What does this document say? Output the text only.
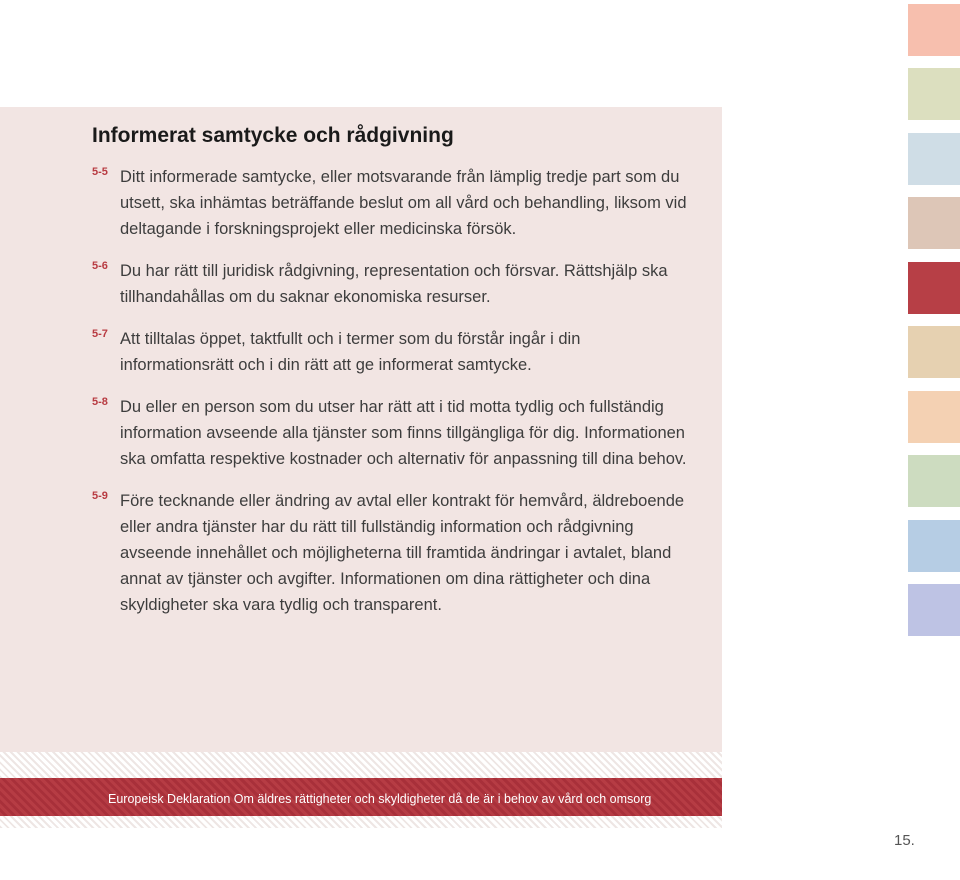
Informerat samtycke och rådgivning
5-5 Ditt informerade samtycke, eller motsvarande från lämplig tredje part som du utsett, ska inhämtas beträffande beslut om all vård och behandling, liksom vid deltagande i forskningsprojekt eller medicinska försök.
5-6 Du har rätt till juridisk rådgivning, representation och försvar. Rättshjälp ska tillhandahållas om du saknar ekonomiska resurser.
5-7 Att tilltalas öppet, taktfullt och i termer som du förstår ingår i din informationsrätt och i din rätt att ge informerat samtycke.
5-8 Du eller en person som du utser har rätt att i tid motta tydlig och fullständig information avseende alla tjänster som finns tillgängliga för dig. Informationen ska omfatta respektive kostnader och alternativ för anpassning till dina behov.
5-9 Före tecknande eller ändring av avtal eller kontrakt för hemvård, äldreboende eller andra tjänster har du rätt till fullständig information och rådgivning avseende innehållet och möjligheterna till framtida ändringar i avtalet, bland annat av tjänster och avgifter. Informationen om dina rättigheter och dina skyldigheter ska vara tydlig och transparent.
Europeisk Deklaration Om äldres rättigheter och skyldigheter då de är i behov av vård och omsorg
15.
